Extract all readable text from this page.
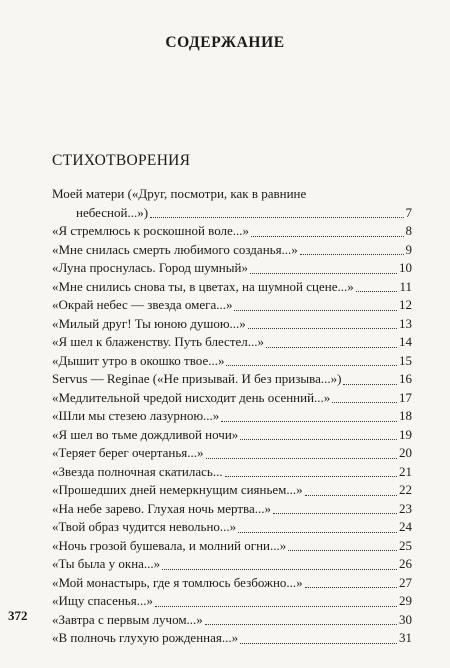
СОДЕРЖАНИЕ
СТИХОТВОРЕНИЯ
Моей матери («Друг, посмотри, как в равнине
небесной...»)	7
«Я стремлюсь к роскошной воле...»	8
«Мне снилась смерть любимого созданья...»	9
«Луна проснулась. Город шумный»	10
«Мне снились снова ты, в цветах, на шумной сцене...»	11
«Окрай небес — звезда омега...»	12
«Милый друг! Ты юною душою...»	13
«Я шел к блаженству. Путь блестел...»	14
«Дышит утро в окошко твое...»	15
Servus — Reginae («Не призывай. И без призыва...»)	16
«Медлительной чредой нисходит день осенний...»	17
«Шли мы стезею лазурною...»	18
«Я шел во тьме дождливой ночи»	19
«Теряет берег очертанья...»	20
«Звезда полночная скатилась...	21
«Прошедших дней немеркнущим сияньем...»	22
«На небе зарево. Глухая ночь мертва...»	23
«Твой образ чудится невольно...»	24
«Ночь грозой бушевала, и молний огни...»	25
«Ты была у окна...»	26
«Мой монастырь, где я томлюсь безбожно...»	27
«Ищу спасенья...»	29
«Завтра с первым лучом...»	30
«В полночь глухую рожденная...»	31
372
